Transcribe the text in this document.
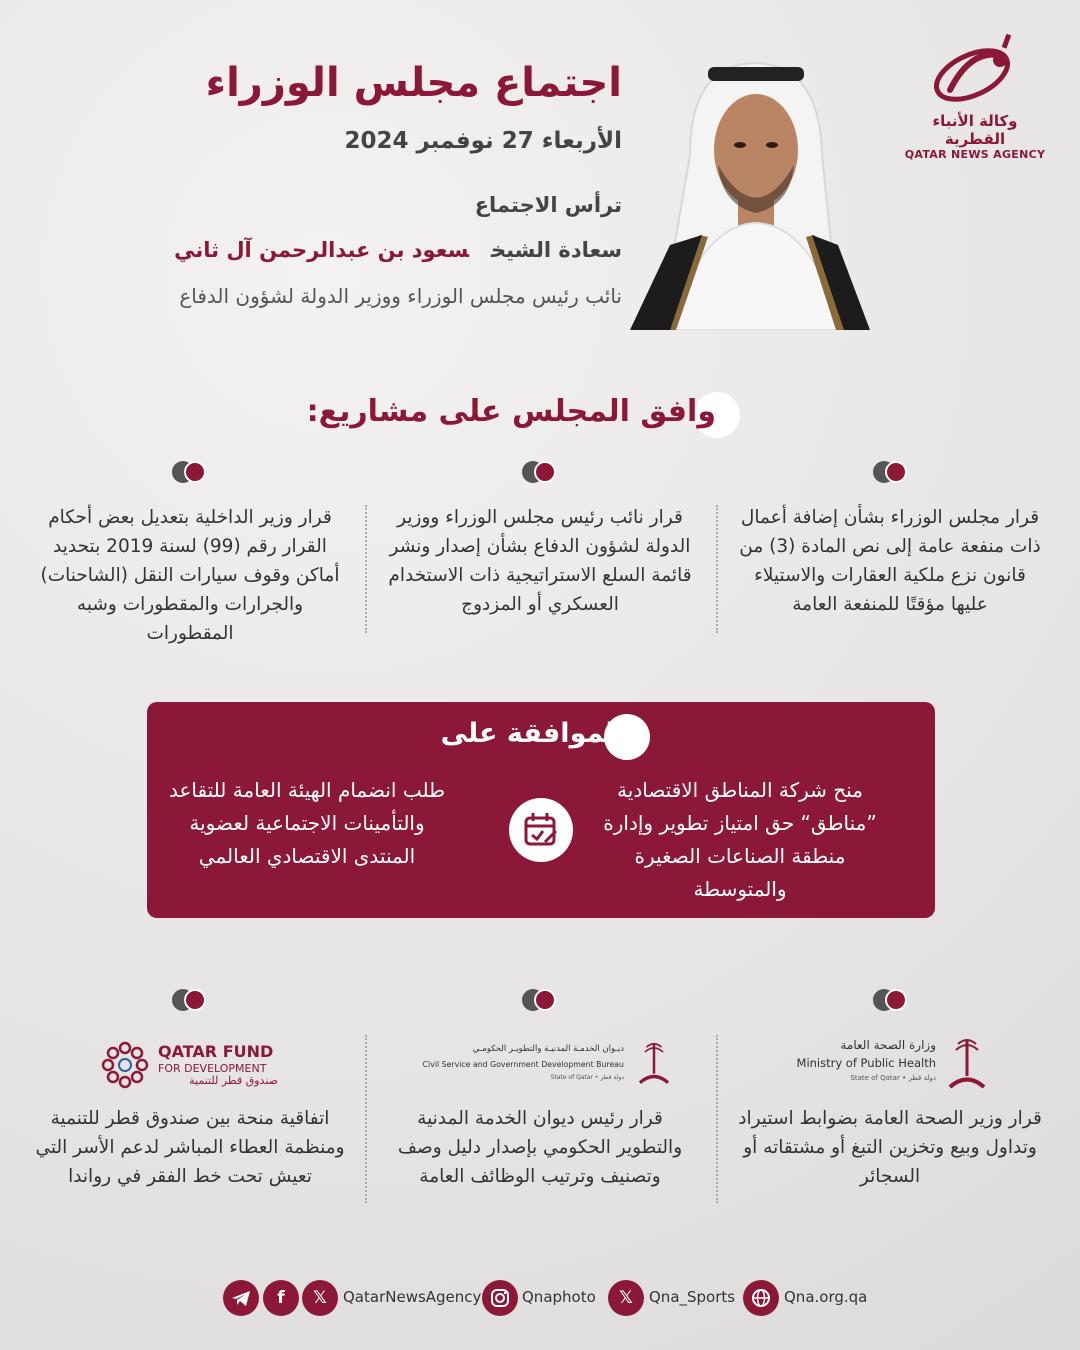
وكالة الأنباء القطرية
QATAR NEWS AGENCY
اجتماع مجلس الوزراء
الأربعاء 27 نوفمبر 2024
ترأس الاجتماع
سعادة الشيخسعود بن عبدالرحمن آل ثاني
نائب رئيس مجلس الوزراء ووزير الدولة لشؤون الدفاع
وافق المجلس على مشاريع:
قرار مجلس الوزراء بشأن إضافة أعمال ذات منفعة عامة إلى نص المادة (3) من قانون نزع ملكية العقارات والاستيلاء عليها مؤقتًا للمنفعة العامة
قرار نائب رئيس مجلس الوزراء ووزير الدولة لشؤون الدفاع بشأن إصدار ونشر قائمة السلع الاستراتيجية ذات الاستخدام العسكري أو المزدوج
قرار وزير الداخلية بتعديل بعض أحكام القرار رقم (99) لسنة 2019 بتحديد أماكن وقوف سيارات النقل (الشاحنات) والجرارات والمقطورات وشبه المقطورات
الموافقة على
منح شركة المناطق الاقتصادية ”مناطق“ حق امتياز تطوير وإدارة منطقة الصناعات الصغيرة والمتوسطة
طلب انضمام الهيئة العامة للتقاعد والتأمينات الاجتماعية لعضوية المنتدى الاقتصادي العالمي
وزارة الصحة العامة
Ministry of Public Health
State of Qatar • دولة قطر
ديـوان الخدمـة المدنيـة والتطويـر الحكومـي
Civil Service and Government Development Bureau
State of Qatar • دولة قطر
QATAR FUND
FOR DEVELOPMENT
صندوق قطر للتنمية
قرار وزير الصحة العامة بضوابط استيراد وتداول وبيع وتخزين التبغ أو مشتقاته أو السجائر
قرار رئيس ديوان الخدمة المدنية والتطوير الحكومي بإصدار دليل وصف وتصنيف وترتيب الوظائف العامة
اتفاقية منحة بين صندوق قطر للتنمية ومنظمة العطاء المباشر لدعم الأسر التي تعيش تحت خط الفقر في رواندا
f	𝕏	QatarNewsAgency	Qnaphoto	𝕏	Qna_Sports	Qna.org.qa
